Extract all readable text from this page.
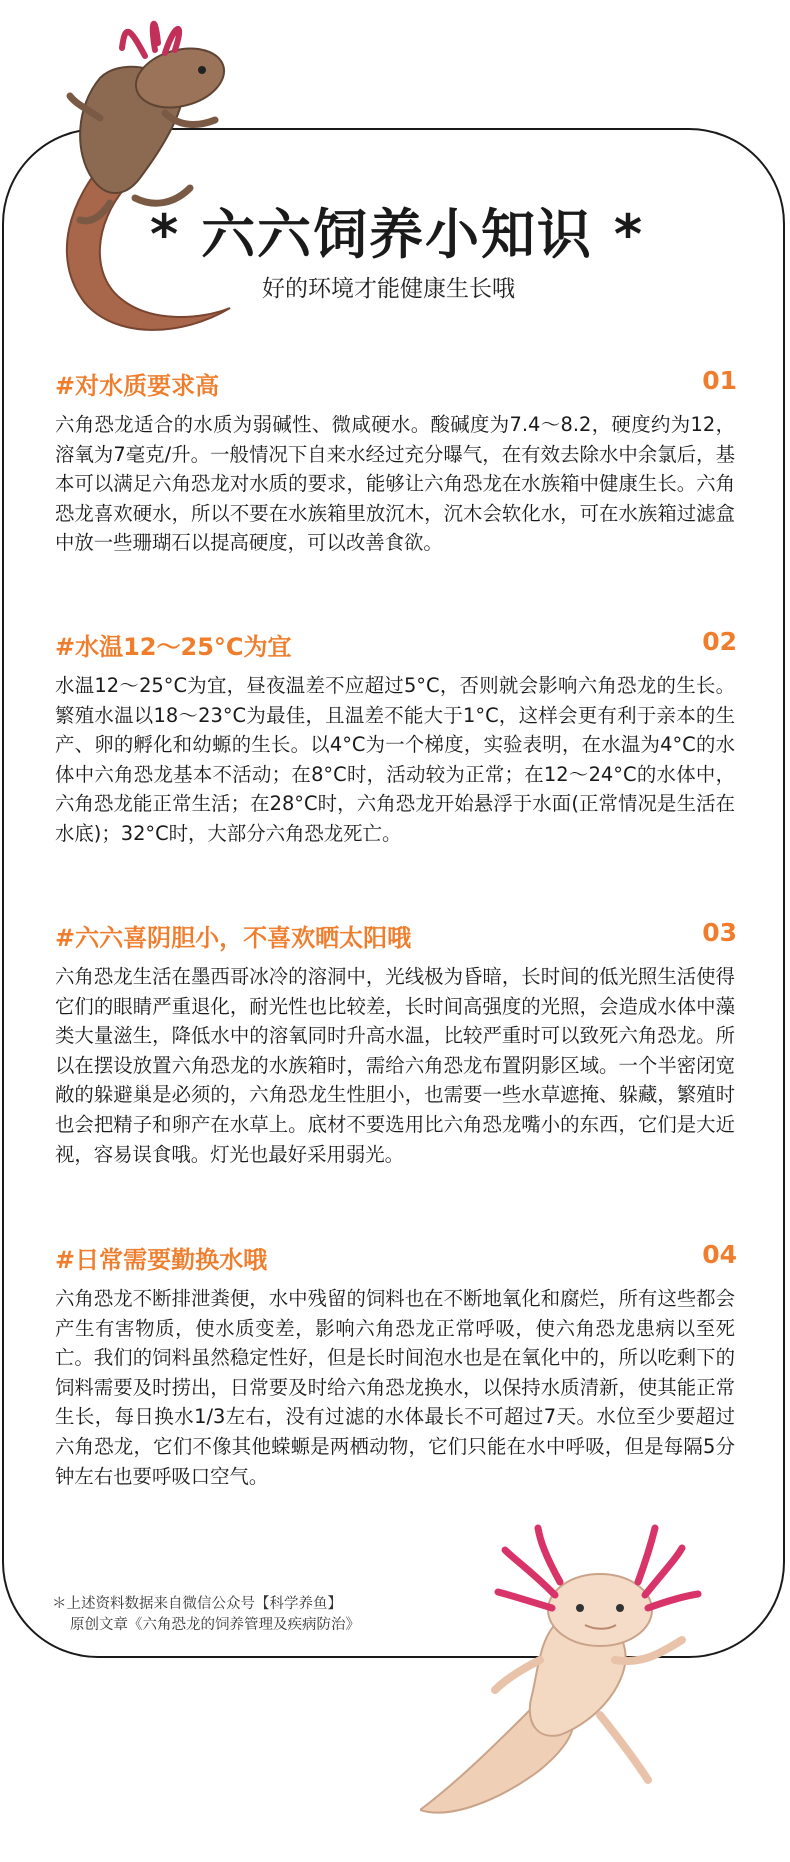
* 六六饲养小知识 *
好的环境才能健康生长哦
#对水质要求高	01
六角恐龙适合的水质为弱碱性、微咸硬水。酸碱度为7.4～8.2，硬度约为12，溶氧为7毫克/升。一般情况下自来水经过充分曝气，在有效去除水中余氯后，基本可以满足六角恐龙对水质的要求，能够让六角恐龙在水族箱中健康生长。六角恐龙喜欢硬水，所以不要在水族箱里放沉木，沉木会软化水，可在水族箱过滤盒中放一些珊瑚石以提高硬度，可以改善食欲。
#水温12～25°C为宜	02
水温12～25°C为宜，昼夜温差不应超过5°C，否则就会影响六角恐龙的生长。繁殖水温以18～23°C为最佳，且温差不能大于1°C，这样会更有利于亲本的生产、卵的孵化和幼螈的生长。以4°C为一个梯度，实验表明，在水温为4°C的水体中六角恐龙基本不活动；在8°C时，活动较为正常；在12～24°C的水体中，六角恐龙能正常生活；在28°C时，六角恐龙开始悬浮于水面(正常情况是生活在水底)；32°C时，大部分六角恐龙死亡。
#六六喜阴胆小，不喜欢晒太阳哦	03
六角恐龙生活在墨西哥冰冷的溶洞中，光线极为昏暗，长时间的低光照生活使得它们的眼睛严重退化，耐光性也比较差，长时间高强度的光照，会造成水体中藻类大量滋生，降低水中的溶氧同时升高水温，比较严重时可以致死六角恐龙。所以在摆设放置六角恐龙的水族箱时，需给六角恐龙布置阴影区域。一个半密闭宽敞的躲避巢是必须的，六角恐龙生性胆小，也需要一些水草遮掩、躲藏，繁殖时也会把精子和卵产在水草上。底材不要选用比六角恐龙嘴小的东西，它们是大近视，容易误食哦。灯光也最好采用弱光。
#日常需要勤换水哦	04
六角恐龙不断排泄粪便，水中残留的饲料也在不断地氧化和腐烂，所有这些都会产生有害物质，使水质变差，影响六角恐龙正常呼吸，使六角恐龙患病以至死亡。我们的饲料虽然稳定性好，但是长时间泡水也是在氧化中的，所以吃剩下的饲料需要及时捞出，日常要及时给六角恐龙换水，以保持水质清新，使其能正常生长，每日换水1/3左右，没有过滤的水体最长不可超过7天。水位至少要超过六角恐龙，它们不像其他蝾螈是两栖动物，它们只能在水中呼吸，但是每隔5分钟左右也要呼吸口空气。
＊上述资料数据来自微信公众号【科学养鱼】
原创文章《六角恐龙的饲养管理及疾病防治》
